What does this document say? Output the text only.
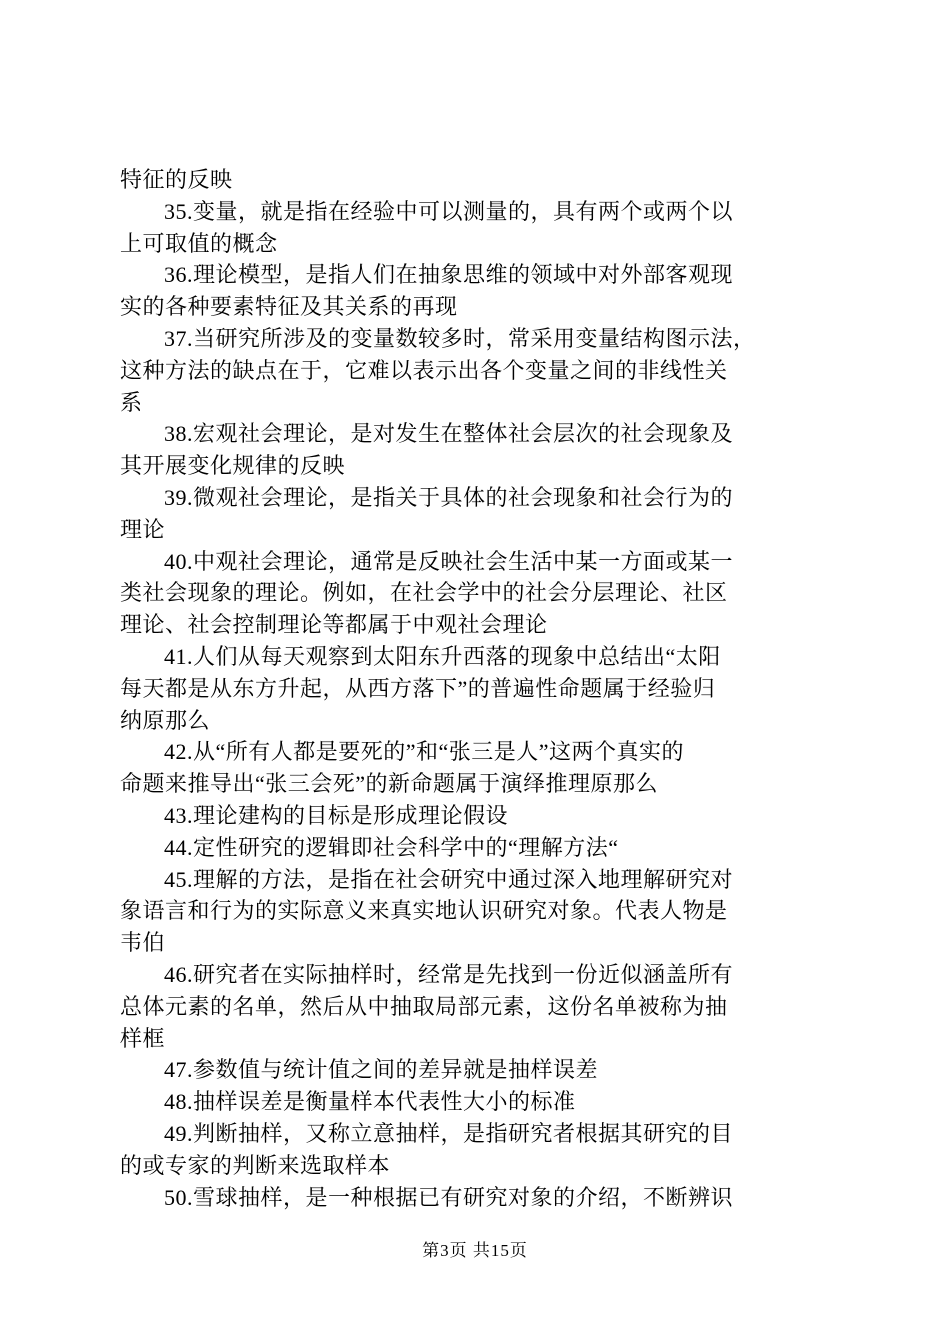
特征的反映
35.变量，就是指在经验中可以测量的，具有两个或两个以
上可取值的概念
36.理论模型，是指人们在抽象思维的领域中对外部客观现
实的各种要素特征及其关系的再现
37.当研究所涉及的变量数较多时，常采用变量结构图示法，
这种方法的缺点在于，它难以表示出各个变量之间的非线性关
系
38.宏观社会理论，是对发生在整体社会层次的社会现象及
其开展变化规律的反映
39.微观社会理论，是指关于具体的社会现象和社会行为的
理论
40.中观社会理论，通常是反映社会生活中某一方面或某一
类社会现象的理论。例如，在社会学中的社会分层理论、社区
理论、社会控制理论等都属于中观社会理论
41.人们从每天观察到太阳东升西落的现象中总结出“太阳
每天都是从东方升起，从西方落下”的普遍性命题属于经验归
纳原那么
42.从“所有人都是要死的”和“张三是人”这两个真实的
命题来推导出“张三会死”的新命题属于演绎推理原那么
43.理论建构的目标是形成理论假设
44.定性研究的逻辑即社会科学中的“理解方法“
45.理解的方法，是指在社会研究中通过深入地理解研究对
象语言和行为的实际意义来真实地认识研究对象。代表人物是
韦伯
46.研究者在实际抽样时，经常是先找到一份近似涵盖所有
总体元素的名单，然后从中抽取局部元素，这份名单被称为抽
样框
47.参数值与统计值之间的差异就是抽样误差
48.抽样误差是衡量样本代表性大小的标准
49.判断抽样，又称立意抽样，是指研究者根据其研究的目
的或专家的判断来选取样本
50.雪球抽样，是一种根据已有研究对象的介绍，不断辨识
第3页 共15页
